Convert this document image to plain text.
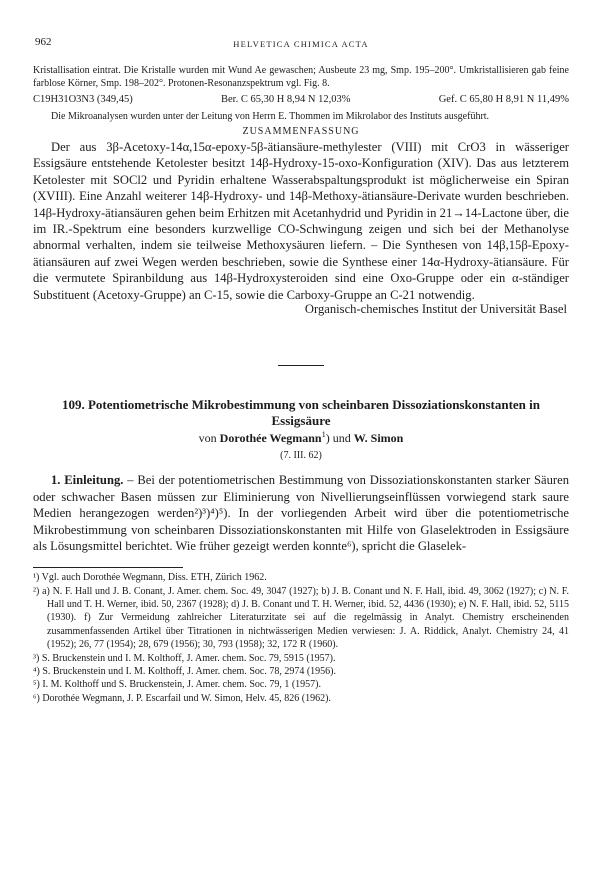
962	HELVETICA CHIMICA ACTA

Kristallisation eintrat. Die Kristalle wurden mit Wund Ae gewaschen; Ausbeute 23 mg, Smp. 195–200°. Umkristallisieren gab feine farblose Körner, Smp. 198–202°. Protonen-Resonanzspektrum vgl. Fig. 8.

C19H31O3N3 (349,45)	Ber. C 65,30 H 8,94 N 12,03%	Gef. C 65,80 H 8,91 N 11,49%
Die Mikroanalysen wurden unter der Leitung von Herrn E. Thommen im Mikrolabor des Instituts ausgeführt.
ZUSAMMENFASSUNG

Der aus 3β-Acetoxy-14α,15α-epoxy-5β-ätiansäure-methylester (VIII) mit CrO3 in wässeriger Essigsäure entstehende Ketolester besitzt 14β-Hydroxy-15-oxo-Konfiguration (XIV). Das aus letzterem Ketolester mit SOCl2 und Pyridin erhaltene Wasserabspaltungsprodukt ist möglicherweise ein Spiran (XVIII). Eine Anzahl weiterer 14β-Hydroxy- und 14β-Methoxy-ätiansäure-Derivate wurden beschrieben. 14β-Hydroxy-ätiansäuren gehen beim Erhitzen mit Acetanhydrid und Pyridin in 21→14-Lactone über, die im IR.-Spektrum eine besonders kurzwellige CO-Schwingung zeigen und sich bei der Methanolyse abnormal verhalten, indem sie teilweise Methoxysäuren liefern. – Die Synthesen von 14β,15β-Epoxy-ätiansäuren auf zwei Wegen werden beschrieben, sowie die Synthese einer 14α-Hydroxy-ätiansäure. Für die vermutete Spiranbildung aus 14β-Hydroxysteroiden sind eine Oxo-Gruppe oder ein α-ständiger Substituent (Acetoxy-Gruppe) an C-15, sowie die Carboxy-Gruppe an C-21 notwendig.

Organisch-chemisches Institut der Universität Basel
109. Potentiometrische Mikrobestimmung von scheinbaren Dissoziationskonstanten in Essigsäure
von Dorothée Wegmann$^1$) und W. Simon
(7. III. 62)

1. Einleitung. – Bei der potentiometrischen Bestimmung von Dissoziationskonstanten starker Säuren oder schwacher Basen müssen zur Eliminierung von Nivellierungseinflüssen vorwiegend stark saure Medien herangezogen werden²)³)⁴)⁵). In der vorliegenden Arbeit wird über die potentiometrische Mikrobestimmung von scheinbaren Dissoziationskonstanten mit Hilfe von Glaselektroden in Essigsäure als Lösungsmittel berichtet. Wie früher gezeigt werden konnte⁶), spricht die Glaselek-

¹) Vgl. auch Dorothée Wegmann, Diss. ETH, Zürich 1962.

²) a) N. F. Hall und J. B. Conant, J. Amer. chem. Soc. 49, 3047 (1927); b) J. B. Conant und N. F. Hall, ibid. 49, 3062 (1927); c) N. F. Hall und T. H. Werner, ibid. 50, 2367 (1928); d) J. B. Conant und T. H. Werner, ibid. 52, 4436 (1930); e) N. F. Hall, ibid. 52, 5115 (1930). f) Zur Vermeidung zahlreicher Literaturzitate sei auf die regelmässig in Analyt. Chemistry erscheinenden zusammenfassenden Artikel über Titrationen in nichtwässerigen Medien verwiesen: J. A. Riddick, Analyt. Chemistry 24, 41 (1952); 26, 77 (1954); 28, 679 (1956); 30, 793 (1958); 32, 172 R (1960).

³) S. Bruckenstein und I. M. Kolthoff, J. Amer. chem. Soc. 79, 5915 (1957).

⁴) S. Bruckenstein und I. M. Kolthoff, J. Amer. chem. Soc. 78, 2974 (1956).

⁵) I. M. Kolthoff und S. Bruckenstein, J. Amer. chem. Soc. 79, 1 (1957).

⁶) Dorothée Wegmann, J. P. Escarfail und W. Simon, Helv. 45, 826 (1962).
